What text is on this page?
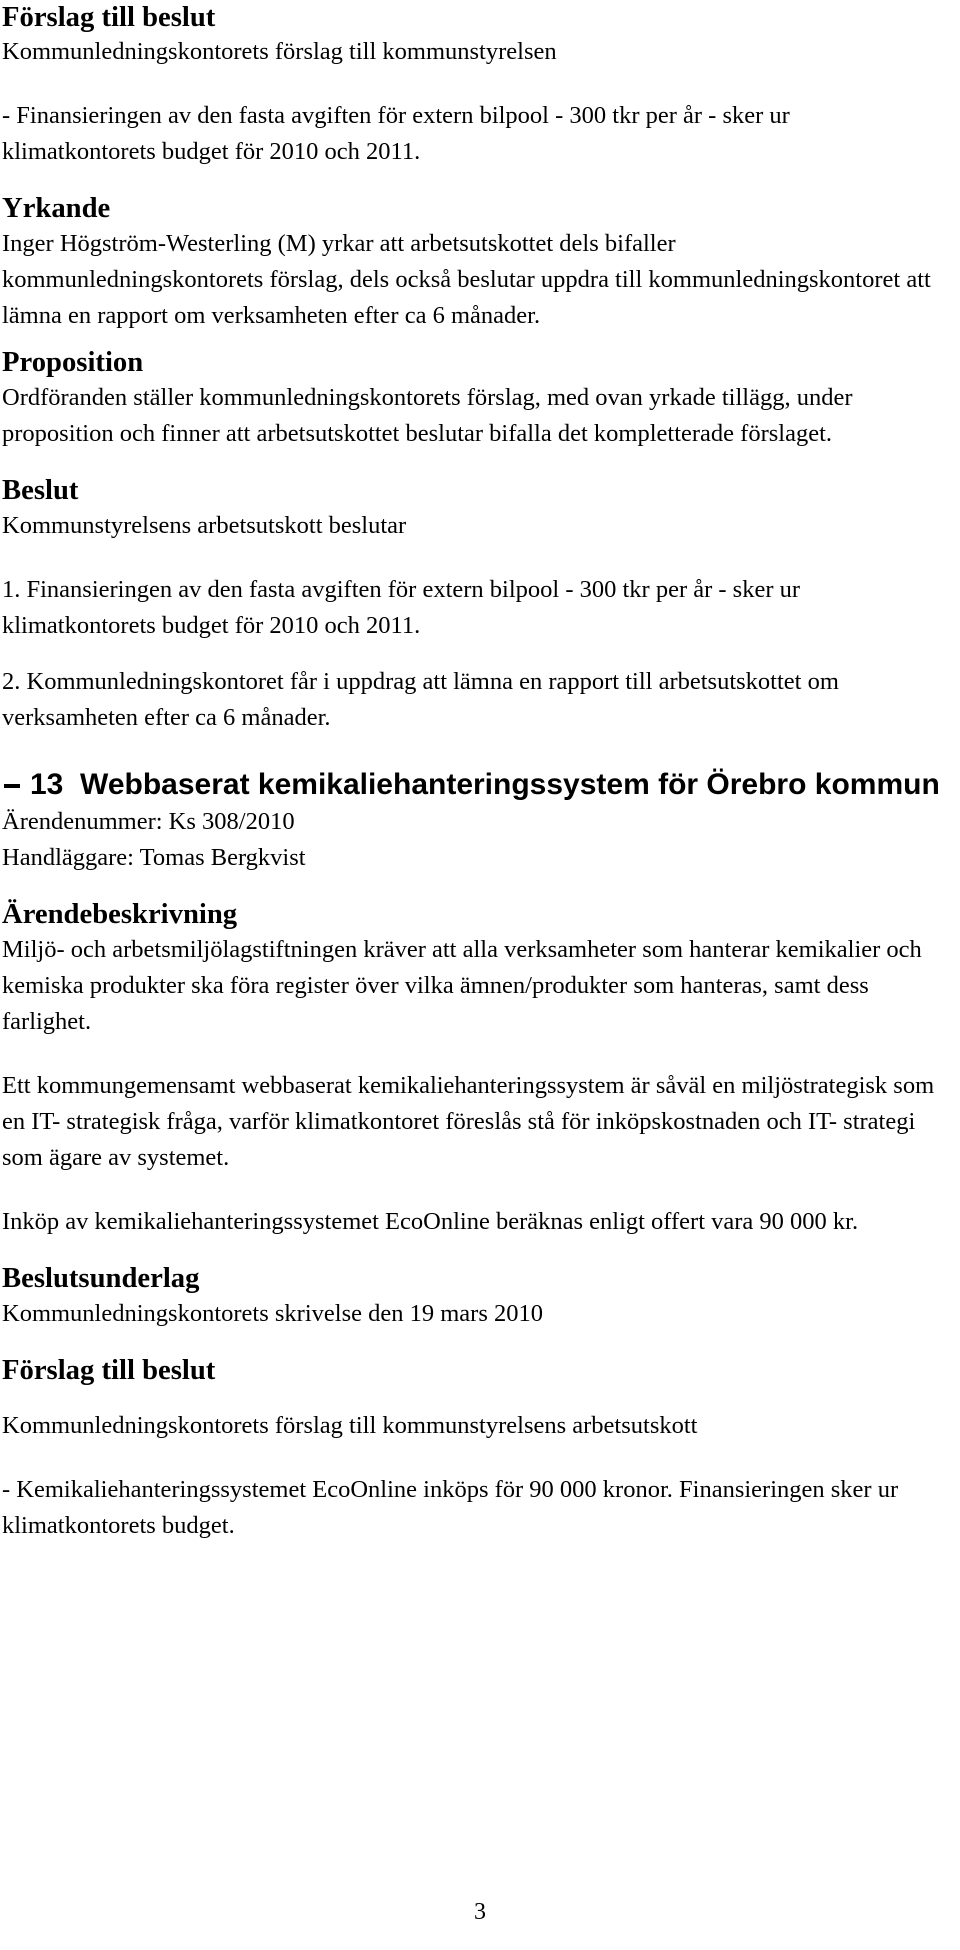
Förslag till beslut

Kommunledningskontorets förslag till kommunstyrelsen

- Finansieringen av den fasta avgiften för extern bilpool - 300 tkr per år - sker ur klimatkontorets budget för 2010 och 2011.

Yrkande

Inger Högström-Westerling (M) yrkar att arbetsutskottet dels bifaller kommunledningskontorets förslag, dels också beslutar uppdra till kommunledningskontoret att lämna en rapport om verksamheten efter ca 6 månader.

Proposition

Ordföranden ställer kommunledningskontorets förslag, med ovan yrkade tillägg, under proposition och finner att arbetsutskottet beslutar bifalla det kompletterade förslaget.

Beslut

Kommunstyrelsens arbetsutskott beslutar

1. Finansieringen av den fasta avgiften för extern bilpool - 300 tkr per år - sker ur klimatkontorets budget för 2010 och 2011.

2. Kommunledningskontoret får i uppdrag att lämna en rapport till arbetsutskottet om verksamheten efter ca 6 månader.

13 Webbaserat kemikaliehanteringssystem för Örebro kommun

Ärendenummer: Ks 308/2010

Handläggare: Tomas Bergkvist

Ärendebeskrivning

Miljö- och arbetsmiljölagstiftningen kräver att alla verksamheter som hanterar kemikalier och kemiska produkter ska föra register över vilka ämnen/produkter som hanteras, samt dess farlighet.

Ett kommungemensamt webbaserat kemikaliehanteringssystem är såväl en miljöstrategisk som en IT- strategisk fråga, varför klimatkontoret föreslås stå för inköpskostnaden och IT- strategi som ägare av systemet.

Inköp av kemikaliehanteringssystemet EcoOnline beräknas enligt offert vara 90 000 kr.

Beslutsunderlag

Kommunledningskontorets skrivelse den 19 mars 2010

Förslag till beslut

Kommunledningskontorets förslag till kommunstyrelsens arbetsutskott

- Kemikaliehanteringssystemet EcoOnline inköps för 90 000 kronor. Finansieringen sker ur klimatkontorets budget.

3
